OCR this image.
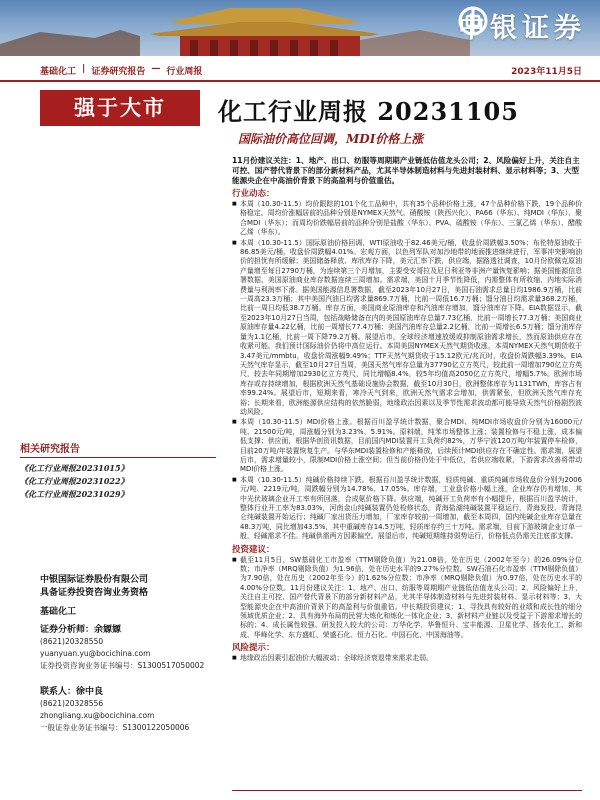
中银证券
基础化工 | 证券研究报告 — 行业周报	2023年11月5日
强于大市	化工行业周报 20231105
国际油价高位回调，MDI价格上涨
11月份建议关注：1、地产、出口、纺服等周期期产业链低估值龙头公司；2、风险偏好上升，关注自主可控、国产替代背景下的部分新材料产品，尤其半导体制造材料与先进封装材料、显示材料等；3、大型能源央企在中高油价背景下的高盈利与价值重估。
行业动态：
■ 本周（10.30-11.5）均价跟踪的101个化工品种中，共有35个品种价格上涨，47个品种价格下跌，19个品种价格稳定。周均价涨幅居前的品种分别是NYMEX天然气、硝酸铵（陕西兴化）、PA66（华东）、纯MDI（华东）、聚合MDI（华东）；而周均价跌幅居前的品种分别是盐酸（华东）、PVA、硫酸铵（华东）、三氯乙烯（华东）、醋酸乙烯（华东）。
■ 本周（10.30-11.5）国际原油价格回调，WTI原油收于82.46美元/桶，收盘价周跌幅3.50%；布伦特原油收于86.85美元/桶，收盘价周跌幅4.01%。宏观方面，以色列军队对加沙地带的地面推进继续进行，军事冲突影响油价的担忧有所缓解；美国储备释放、库欣库存下降，美元汇率下跌，供应端，据路透社调查，10月份欧佩克原油产量增至每日2790万桶，为连续第三个月增加，主要受安哥拉及尼日利亚等非洲产量恢复影响；据美国能源信息署数据，美国原油商业库存数据连续三周增加。需求端，美国十月季节性降低，内需整体有所收缩、内地实际消费量与利润率下滑。据美国能源信息署数据，截至2023年10月27日，美国石油需求总量日均1986.9万桶，比前一周高23.3万桶；其中美国汽油日均需求量869.7万桶，比前一周低16.7万桶；馏分油日均需求量368.2万桶，比前一周日均低38.7万桶。库存方面，美国商业原油库存和汽油库存增加，馏分油库存下降。EIA数据显示，截至2023年10月27日当周，包括战略储备在内的美国原油库存总量7.73亿桶，比前一周增长77.3万桶；美国商业原油库存量4.22亿桶，比前一周增长77.4万桶；美国汽油库存总量2.2亿桶，比前一周增长6.5万桶；馏分油库存量为1.1亿桶，比前一周下降79.2万桶。展望后市，全球经济增速放缓或抑制原油需求增长，然而原油供应存在收紧可能。我们预计国际油价仍将中高位运行。本周美国NYMEX天然气期货收涨，本周NYMEX天然气期货收于3.47美元/mmbtu，收盘价周涨幅9.49%；TTF天然气期货收于15.12欧元/兆瓦时，收盘价周跌幅3.39%。EIA天然气库存显示，截至10月27日当周，美国天然气库存总量为37790亿立方英尺，较此前一周增加790亿立方英尺，较去年同期增加2930亿立方英尺，同比增幅8.4%，较5年均值高2050亿立方英尺，增幅5.7%。欧洲市场库存或存持续增加，根据欧洲天然气基础设施协会数据，截至10月30日，欧洲整体库存为1131TWh，库容占有率99.24%。展望后市，短期来看，寒冷天气到来，欧洲天然气需求会增加，供需紧张，但欧洲天然气库存充裕；长期来看，欧洲能源供应结构的依然脆弱，地缘政治因素以及季节性需求波动都可能导致天然气价格剧烈波动风险。
■ 本周（10.30-11.5）MDI价格上涨。根据百川盈孚统计数据，聚合MDI、纯MDI市场收盘价分别为16000元/吨、21500元/吨，周涨幅分别为3.23%、5.91%。原料端，纯苯市场整体上涨；装置检修与不稳上涨，成本偏低支撑；供应面，根据华创资讯数据，目前国内MDI装置开工负荷约82%，万华宁波120万吨/年装置停车检修，目前20万吨/年装置恢复生产。与华东MDI装置检修和产能释放，后续预计MDI供应存在不确定性。需求端，展望后市，需求增量较小，限制MDI价格上涨空间；但当前价格仍处于中低位，若供应端收紧，下游需求改善将带动MDI价格上涨。
■ 本周（10.30-11.5）纯碱价格持续下跌。根据百川盈孚统计数据，轻质纯碱、重质纯碱市场收盘价分别为2006元/吨、2219元/吨，周跌幅分别为14.78%、17.05%。库存端，工业盘价格小幅上涨，企业库存仍有增加，其中光伏玻璃企业开工率有所回落，合成氨价格下降。供应端，纯碱开工负荷率有小幅提升，根据百川盈孚统计，整体行业开工率为83.03%，河南金山纯碱装置仍处检修状态，青海盐湖纯碱装置平稳运行，青海发投、青海昆仑纯碱装置开始运行；纯碱厂家出货压力增加，厂家库存较前一周增加，截至本周四，国内纯碱企业库存总量在48.3万吨，同比增加43.5%，其中重碱库存14.5万吨，轻质库存约三十万吨。需求端，目前下游玻璃企业订单一般，轻碱需求不佳。纯碱供需两方因素偏空。展望后市，纯碱短期维持弱势运行，价格低点仍需关注底部支撑。
投资建议：
■ 截至11月5日，SW基础化工市盈率（TTM剔除负值）为21.08倍，处在历史（2002年至今）的26.09%分位数；市净率（MRQ剔除负值）为1.96倍，处在历史水平的9.27%分位数。SW石油石化市盈率（TTM剔除负值）为7.90倍，处在历史（2002年至今）的1.62%分位数；市净率（MRQ剔除负值）为0.97倍，处在历史水平的4.00%分位数。11月份建议关注：1、地产、出口、纺服等周期期产业链低估值龙头公司；2、风险偏好上升，关注自主可控、国产替代背景下的部分新材料产品，尤其半导体制造材料与先进封装材料、显示材料等；3、大型能源央企在中高油价背景下的高盈利与价值重估。中长期投资建议：1、寻找具有较好的业绩和成长性的细分领域优质企业；2、具有海外布局的民营大炼化和炼化一体化企业；3、新材料产业链以及受益于下游需求增长的标的；4、成长属性较强、研发投入较大的公司：万华化学、华鲁恒升、宝丰能源、卫星化学、扬农化工、新和成、华峰化学、东方盛虹、荣盛石化、恒力石化、中国石化、中国海油等。
风险提示：
■ 地缘政治因素引起油价大幅波动；全球经济衰退带来需求走弱。
相关研究报告
《化工行业周报20231015》
《化工行业周报20231022》
《化工行业周报20231029》
中银国际证券股份有限公司
具备证券投资咨询业务资格
基础化工
证券分析师：余嫄嫄
(8621)20328550
yuanyuan.yu@bocichina.com
证券投资咨询业务证书编号：S1300517050002
联系人：徐中良
(8621)20328556
zhongliang.xu@bocichina.com
一般证券业务证书编号：S1300122050006
